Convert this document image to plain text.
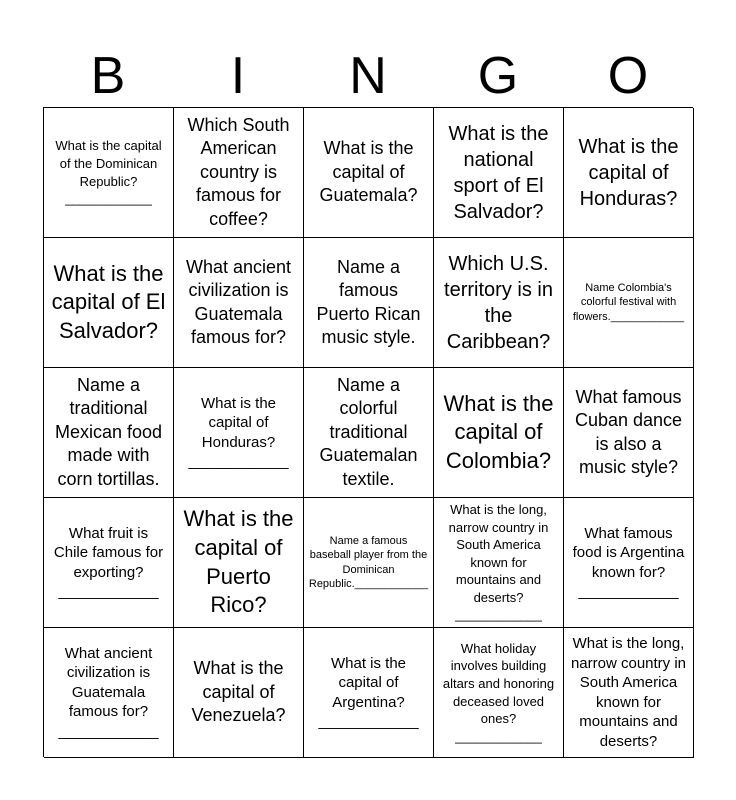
B	I	N	G	O
What is the capital of the Dominican Republic? ____________
Which South American country is famous for coffee?
What is the capital of Guatemala?
What is the national sport of El Salvador?
What is the capital of Honduras?
What is the capital of El Salvador?
What ancient civilization is Guatemala famous for?
Name a famous Puerto Rican music style.
Which U.S. territory is in the Caribbean?
Name Colombia's colorful festival with flowers.____________
Name a traditional Mexican food made with corn tortillas.
What is the capital of Honduras? ____________
Name a colorful traditional Guatemalan textile.
What is the capital of Colombia?
What famous Cuban dance is also a music style?
What fruit is Chile famous for exporting? ____________
What is the capital of Puerto Rico?
Name a famous baseball player from the Dominican Republic.____________
What is the long, narrow country in South America known for mountains and deserts? ____________
What famous food is Argentina known for? ____________
What ancient civilization is Guatemala famous for? ____________
What is the capital of Venezuela?
What is the capital of Argentina? ____________
What holiday involves building altars and honoring deceased loved ones? ____________
What is the long, narrow country in South America known for mountains and deserts?
